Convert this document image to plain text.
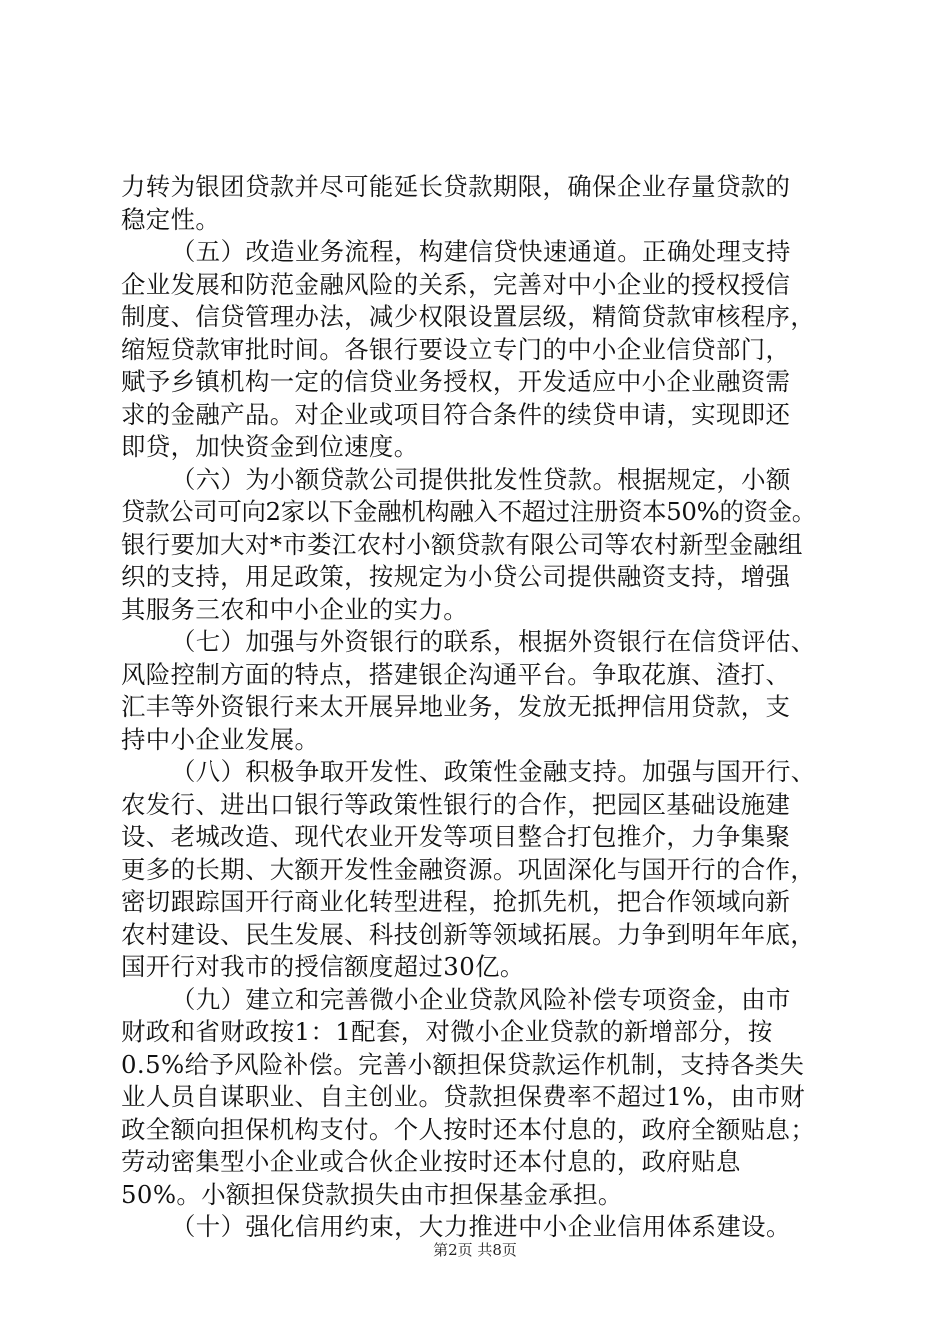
力转为银团贷款并尽可能延长贷款期限，确保企业存量贷款的
稳定性。
（五）改造业务流程，构建信贷快速通道。正确处理支持
企业发展和防范金融风险的关系，完善对中小企业的授权授信
制度、信贷管理办法，减少权限设置层级，精简贷款审核程序，
缩短贷款审批时间。各银行要设立专门的中小企业信贷部门，
赋予乡镇机构一定的信贷业务授权，开发适应中小企业融资需
求的金融产品。对企业或项目符合条件的续贷申请，实现即还
即贷，加快资金到位速度。
（六）为小额贷款公司提供批发性贷款。根据规定，小额
贷款公司可向2家以下金融机构融入不超过注册资本50%的资金。
银行要加大对*市娄江农村小额贷款有限公司等农村新型金融组
织的支持，用足政策，按规定为小贷公司提供融资支持，增强
其服务三农和中小企业的实力。
（七）加强与外资银行的联系，根据外资银行在信贷评估、
风险控制方面的特点，搭建银企沟通平台。争取花旗、渣打、
汇丰等外资银行来太开展异地业务，发放无抵押信用贷款，支
持中小企业发展。
（八）积极争取开发性、政策性金融支持。加强与国开行、
农发行、进出口银行等政策性银行的合作，把园区基础设施建
设、老城改造、现代农业开发等项目整合打包推介，力争集聚
更多的长期、大额开发性金融资源。巩固深化与国开行的合作，
密切跟踪国开行商业化转型进程，抢抓先机，把合作领域向新
农村建设、民生发展、科技创新等领域拓展。力争到明年年底，
国开行对我市的授信额度超过30亿。
（九）建立和完善微小企业贷款风险补偿专项资金，由市
财政和省财政按1：1配套，对微小企业贷款的新增部分，按
0.5%给予风险补偿。完善小额担保贷款运作机制，支持各类失
业人员自谋职业、自主创业。贷款担保费率不超过1%，由市财
政全额向担保机构支付。个人按时还本付息的，政府全额贴息；
劳动密集型小企业或合伙企业按时还本付息的，政府贴息
50%。小额担保贷款损失由市担保基金承担。
（十）强化信用约束，大力推进中小企业信用体系建设。
第2页 共8页
